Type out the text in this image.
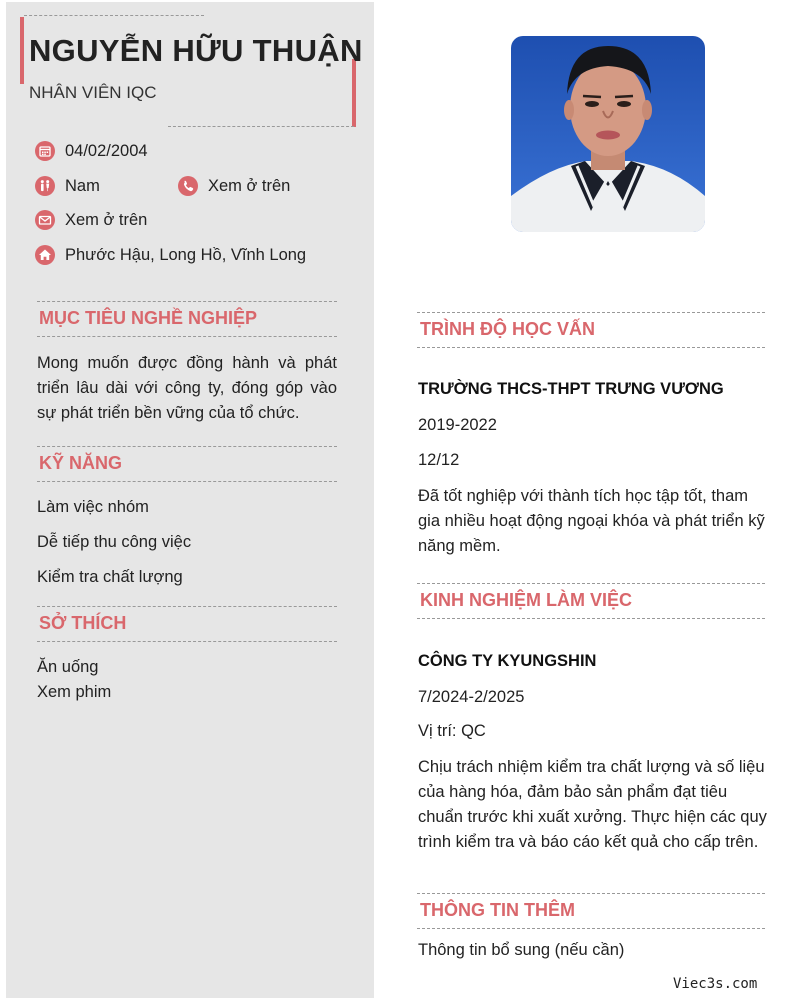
NGUYỄN HỮU THUẬN
NHÂN VIÊN IQC
04/02/2004
Nam	Xem ở trên
Xem ở trên
Phước Hậu, Long Hồ, Vĩnh Long
MỤC TIÊU NGHỀ NGHIỆP
Mong muốn được đồng hành và phát triển lâu dài với công ty, đóng góp vào sự phát triển bền vững của tổ chức.
KỸ NĂNG
Làm việc nhóm
Dễ tiếp thu công việc
Kiểm tra chất lượng
SỞ THÍCH
Ăn uống
Xem phim
TRÌNH ĐỘ HỌC VẤN
TRƯỜNG THCS-THPT TRƯNG VƯƠNG
2019-2022
12/12
Đã tốt nghiệp với thành tích học tập tốt, tham gia nhiều hoạt động ngoại khóa và phát triển kỹ năng mềm.
KINH NGHIỆM LÀM VIỆC
CÔNG TY KYUNGSHIN
7/2024-2/2025
Vị trí: QC
Chịu trách nhiệm kiểm tra chất lượng và số liệu của hàng hóa, đảm bảo sản phẩm đạt tiêu chuẩn trước khi xuất xưởng. Thực hiện các quy trình kiểm tra và báo cáo kết quả cho cấp trên.
THÔNG TIN THÊM
Thông tin bổ sung (nếu cần)
Viec3s.com
